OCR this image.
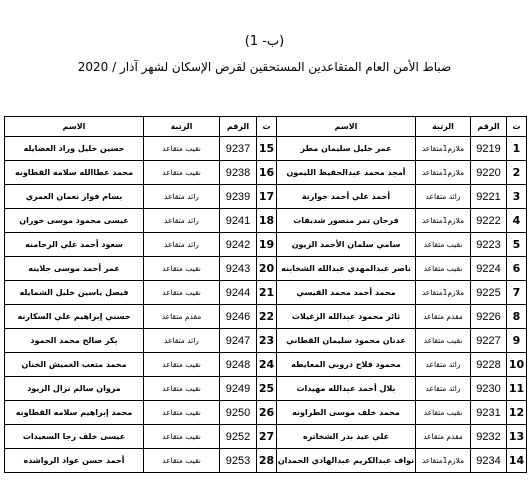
(ب- 1)
ضباط الأمن العام المتقاعدين المستحقين لقرض الإسكان لشهر آذار / 2020
ت	الرقم	الرتبة	الاسم	ت	الرقم	الرتبة	الاسم
1	9219	ملازم1متقاعد	عمر خليل سليمان مطر	15	9237	نقيب متقاعد	حسين خليل وراد العضايله
2	9220	ملازم1متقاعد	أمجد محمد عبدالحفيظ الليمون	16	9238	نقيب متقاعد	محمد عطاالله سلامه القطاونه
3	9221	رائد متقاعد	أحمد علي أحمد جوارنة	17	9239	رائد متقاعد	بسام فواز نعمان العمري
4	9222	ملازم1متقاعد	فرحان تمر منصور شديفات	18	9241	رائد متقاعد	عيسى محمود موسى خوران
5	9223	نقيب متقاعد	سامي سلمان الأحمد الزيون	19	9242	رائد متقاعد	سعود أحمد علي الرحامنه
6	9224	نقيب متقاعد	ناصر عبدالمهدي عبدالله الشخابنه	20	9243	نقيب متقاعد	عمر أحمد موسى جلاينه
7	9225	ملازم1متقاعد	محمد أحمد محمد القيسي	21	9244	نقيب متقاعد	فيصل ياسين خليل الشمايله
8	9226	مقدم متقاعد	ثائر محمود عبدالله الزغيلات	22	9246	مقدم متقاعد	حسني إبراهيم علي السكارنه
9	9227	نقيب متقاعد	عدنان محمود سليمان القطاني	23	9247	رائد متقاعد	بكر صالح محمد الحمود
10	9228	رائد متقاعد	محمود فلاح دروبي المعايطه	24	9248	نقيب متقاعد	محمد متعب الغميش الخنان
11	9230	رائد متقاعد	بلال أحمد عبدالله مهيدات	25	9249	نقيب متقاعد	مروان سالم نزال الزيود
12	9231	نقيب متقاعد	محمد خلف موسى الطراونه	26	9250	نقيب متقاعد	محمد إبراهيم سلامه القطاونه
13	9232	مقدم متقاعد	علي عيد بدر الشخاتره	27	9252	نقيب متقاعد	عيسى خلف رجا السعيدات
14	9234	ملازم1متقاعد	نواف عبدالكريم عبدالهادي الحمدان	28	9253	نقيب متقاعد	أحمد حسن عواد الرواشده
